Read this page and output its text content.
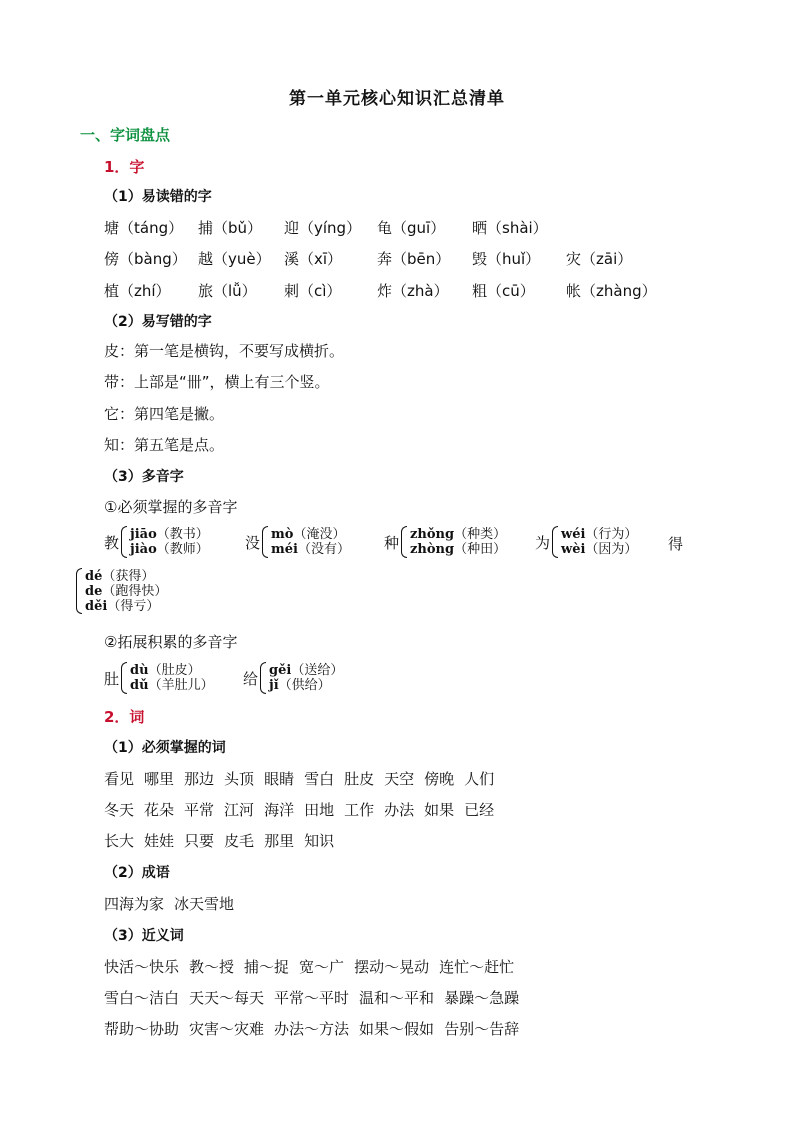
第一单元核心知识汇总清单
一、字词盘点
1．字
（1）易读错的字
塘（táng） 捕（bǔ） 迎（yíng） 龟（guī） 晒（shài）
傍（bàng） 越（yuè） 溪（xī） 奔（bēn） 毁（huǐ） 灾（zāi）
植（zhí） 旅（lǚ） 刺（cì） 炸（zhà） 粗（cū） 帐（zhàng）
（2）易写错的字
皮：第一笔是横钩，不要写成横折。
带：上部是“卌”，横上有三个竖。
它：第四笔是撇。
知：第五笔是点。
（3）多音字
①必须掌握的多音字
教 jiāo（教书）
jiào（教师） 没 mò（淹没）
méi（没有） 种 zhǒng（种类）
zhòng（种田） 为 wéi（行为）
wèi（因为） 得
dé（获得）
de（跑得快）
děi（得亏）
②拓展积累的多音字
肚 dù（肚皮）
dǔ（羊肚儿） 给 gěi（送给）
jǐ（供给）
2．词
（1）必须掌握的词
看见 哪里 那边 头顶 眼睛 雪白 肚皮 天空 傍晚 人们
冬天 花朵 平常 江河 海洋 田地 工作 办法 如果 已经
长大 娃娃 只要 皮毛 那里 知识
（2）成语
四海为家 冰天雪地
（3）近义词
快活～快乐 教～授 捕～捉 宽～广 摆动～晃动 连忙～赶忙
雪白～洁白 天天～每天 平常～平时 温和～平和 暴躁～急躁
帮助～协助 灾害～灾难 办法～方法 如果～假如 告别～告辞
